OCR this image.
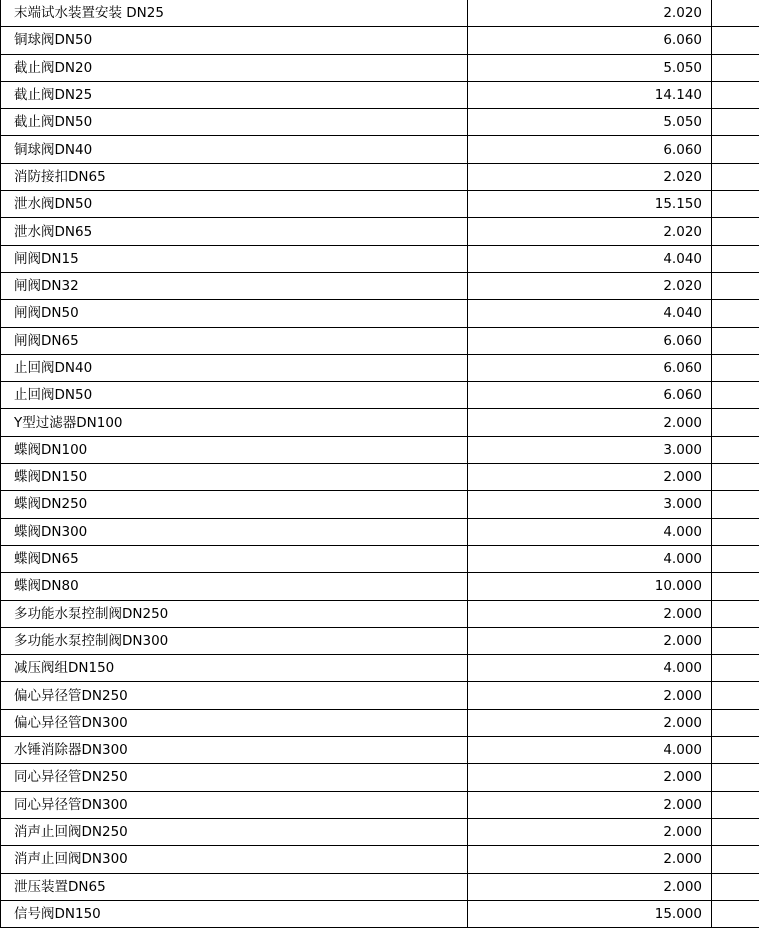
末端试水装置安装 DN25	2.020	
铜球阀DN50	6.060	
截止阀DN20	5.050	
截止阀DN25	14.140	
截止阀DN50	5.050	
铜球阀DN40	6.060	
消防接扣DN65	2.020	
泄水阀DN50	15.150	
泄水阀DN65	2.020	
闸阀DN15	4.040	
闸阀DN32	2.020	
闸阀DN50	4.040	
闸阀DN65	6.060	
止回阀DN40	6.060	
止回阀DN50	6.060	
Y型过滤器DN100	2.000	
蝶阀DN100	3.000	
蝶阀DN150	2.000	
蝶阀DN250	3.000	
蝶阀DN300	4.000	
蝶阀DN65	4.000	
蝶阀DN80	10.000	
多功能水泵控制阀DN250	2.000	
多功能水泵控制阀DN300	2.000	
减压阀组DN150	4.000	
偏心异径管DN250	2.000	
偏心异径管DN300	2.000	
水锤消除器DN300	4.000	
同心异径管DN250	2.000	
同心异径管DN300	2.000	
消声止回阀DN250	2.000	
消声止回阀DN300	2.000	
泄压装置DN65	2.000	
信号阀DN150	15.000	
